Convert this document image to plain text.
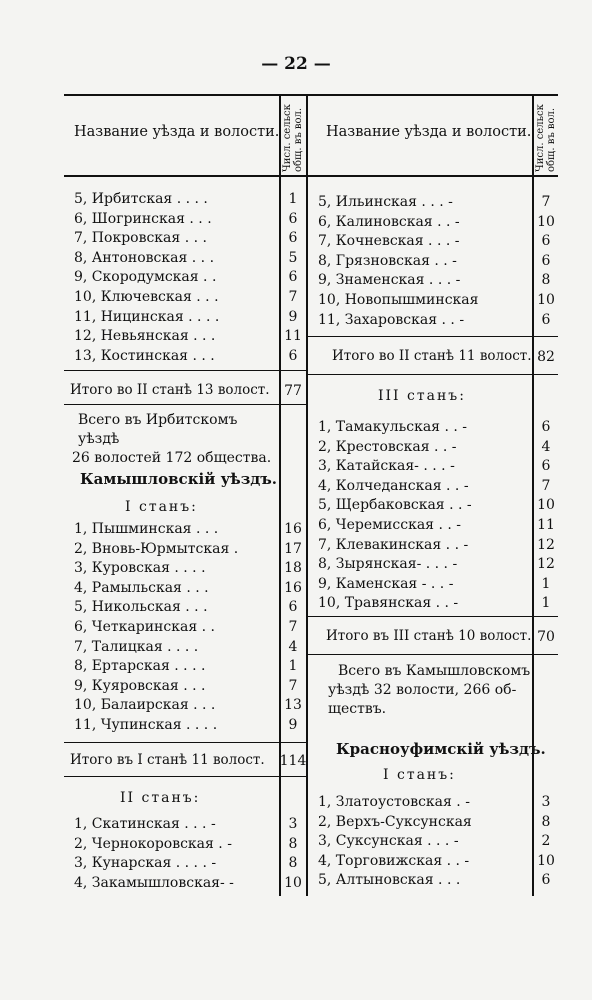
— 22 —
Название уѣзда и волости. Числ. сельск общ. въ вол. Название уѣзда и волости. Числ. сельск общ. въ вол.
5, Ирбитская . . . .	1
6, Шогринская . . .	6
7, Покровская . . .	6
8, Антоновская . . .	5
9, Скородумская . .	6
10, Ключевская . . .	7
11, Ницинская . . . .	9
12, Невьянская . . .	11
13, Костинская . . .	6
Итого во II станѣ 13 волост. 77
Всего въ Ирбитскомъ уѣздѣ
26 волостей 172 общества.
Камышловскій уѣздъ.
I станъ:
1, Пышминская . . .	16
2, Вновь-Юрмытская .	17
3, Куровская . . . .	18
4, Рамыльская . . .	16
5, Никольская . . .	6
6, Четкаринская . .	7
7, Талицкая . . . .	4
8, Ертарская . . . .	1
9, Куяровская . . .	7
10, Балаирская . . .	13
11, Чупинская . . . .	9
Итого въ I станѣ 11 волост. 114
II станъ:
1, Скатинская . . . -	3
2, Чернокоровская . -	8
3, Кунарская . . . . -	8
4, Закамышловская- -	10
5, Ильинская . . . -	7
6, Калиновская . . -	10
7, Кочневская . . . -	6
8, Грязновская . . -	6
9, Знаменская . . . -	8
10, Новопышминская	10
11, Захаровская . . -	6
Итого во II станѣ 11 волост. 82
III станъ:
1, Тамакульская . . -	6
2, Крестовская . . -	4
3, Катайская- . . . -	6
4, Колчеданская . . -	7
5, Щербаковская . . -	10
6, Черемисская . . -	11
7, Клевакинская . . -	12
8, Зырянская- . . . -	12
9, Каменская - . . -	1
10, Травянская . . -	1
Итого въ III станѣ 10 волост. 70
Всего въ Камышловскомъ
уѣздѣ 32 волости, 266 об-
ществъ.
Красноуфимскій уѣздъ.
I станъ:
1, Златоустовская . -	3
2, Верхъ-Суксунская	8
3, Суксунская . . . -	2
4, Торговижская . . -	10
5, Алтыновская . . .	6
